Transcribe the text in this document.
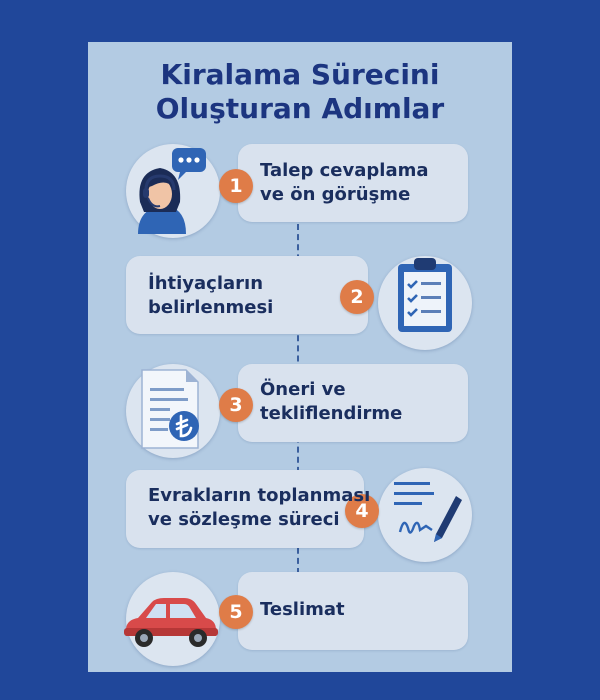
Kiralama Sürecini
Oluşturan Adımlar
1
Talep cevaplama
ve ön görüşme
2
İhtiyaçların
belirlenmesi
3
Öneri ve
tekliflendirme
4
Evrakların toplanması
ve sözleşme süreci
5 Teslimat
